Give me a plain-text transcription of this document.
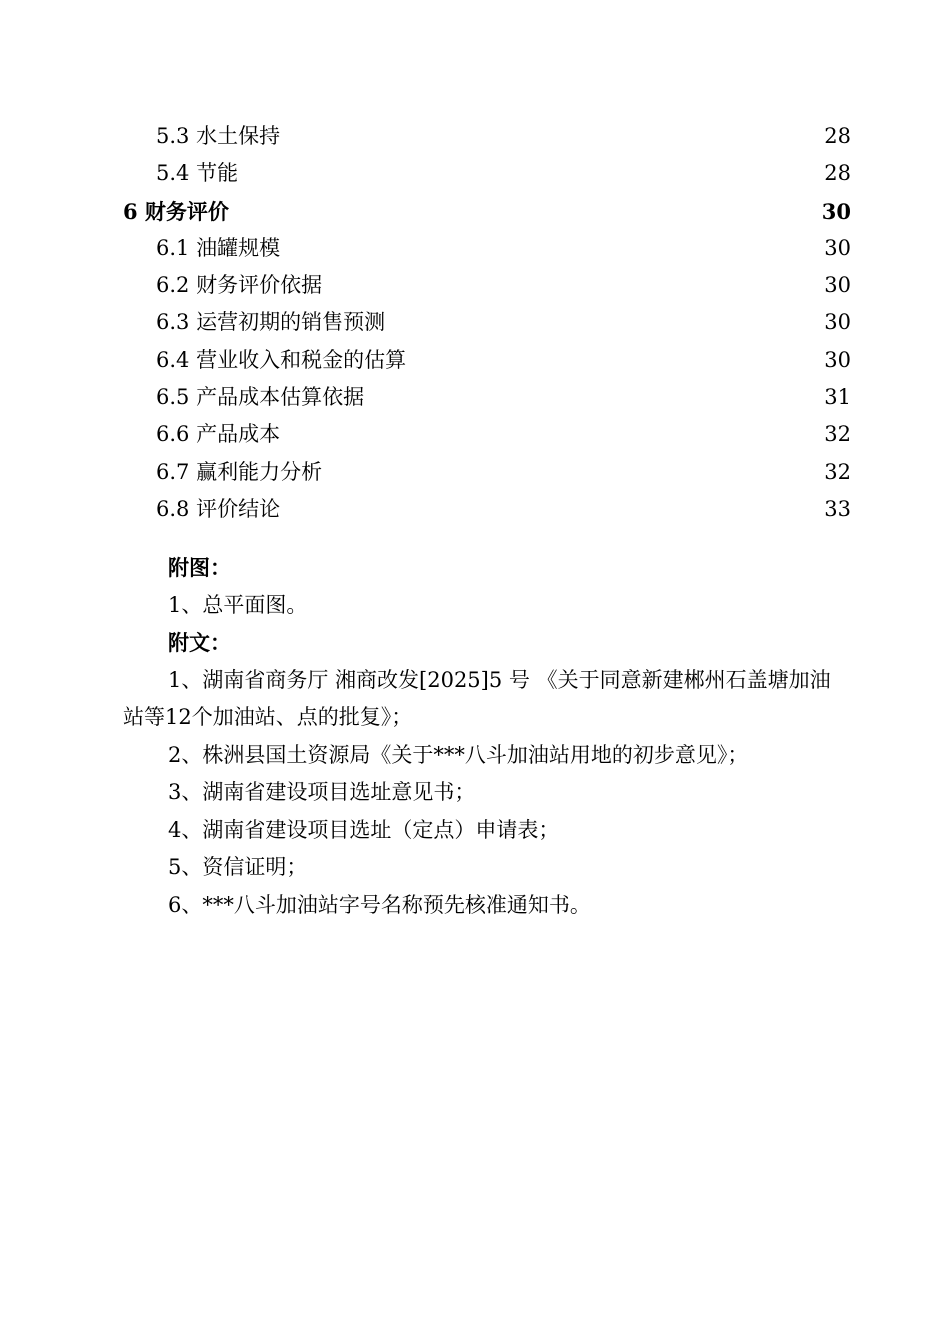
5.3 水土保持	28
5.4 节能	28
6 财务评价	30
6.1 油罐规模	30
6.2 财务评价依据	30
6.3 运营初期的销售预测	30
6.4 营业收入和税金的估算	30
6.5 产品成本估算依据	31
6.6 产品成本	32
6.7 赢利能力分析	32
6.8 评价结论	33
附图：

1、总平面图。

附文：

1、湖南省商务厅 湘商改发[2025]5 号 《关于同意新建郴州石盖塘加油站等12个加油站、点的批复》；

2、株洲县国土资源局《关于***八斗加油站用地的初步意见》；

3、湖南省建设项目选址意见书；

4、湖南省建设项目选址（定点）申请表；

5、资信证明；

6、***八斗加油站字号名称预先核准通知书。
